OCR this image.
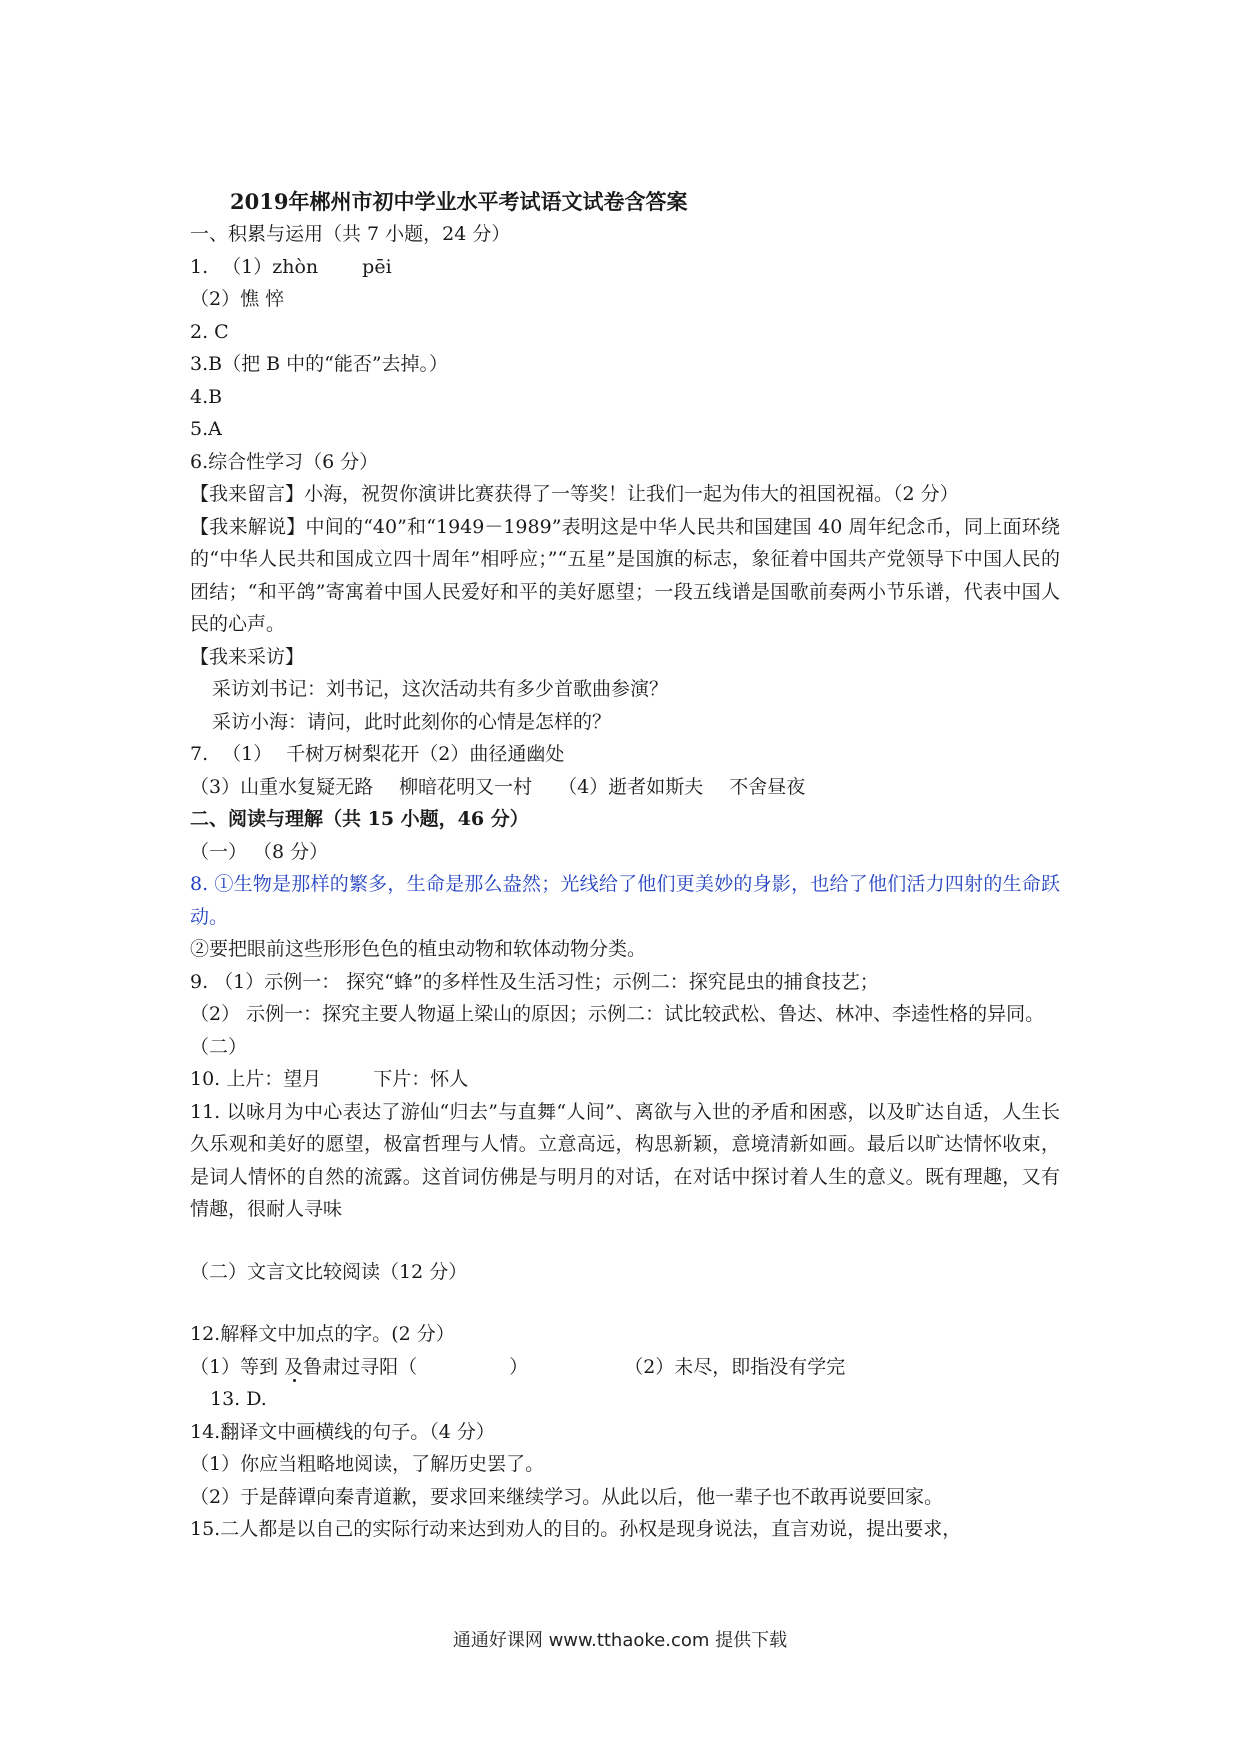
2019年郴州市初中学业水平考试语文试卷含答案

一、积累与运用（共 7 小题，24 分）

1. （1）zhòn pēi

（2）憔 悴

2. C

3.B（把 B 中的“能否”去掉。）

4.B

5.A

6.综合性学习（6 分）

【我来留言】小海，祝贺你演讲比赛获得了一等奖！让我们一起为伟大的祖国祝福。（2 分）

【我来解说】中间的“40”和“1949－1989”表明这是中华人民共和国建国 40 周年纪念币，同上面环绕的“中华人民共和国成立四十周年”相呼应；”“五星”是国旗的标志，象征着中国共产党领导下中国人民的团结；“和平鸽”寄寓着中国人民爱好和平的美好愿望；一段五线谱是国歌前奏两小节乐谱，代表中国人民的心声。

【我来采访】

采访刘书记：刘书记，这次活动共有多少首歌曲参演？

采访小海：请问，此时此刻你的心情是怎样的？

7. （1） 千树万树梨花开（2）曲径通幽处

（3）山重水复疑无路 柳暗花明又一村 （4）逝者如斯夫 不舍昼夜

二、阅读与理解（共 15 小题，46 分）

（一） （8 分）

8. ①生物是那样的繁多，生命是那么盎然；光线给了他们更美妙的身影，也给了他们活力四射的生命跃动。

②要把眼前这些形形色色的植虫动物和软体动物分类。

9. （1）示例一： 探究“蜂”的多样性及生活习性；示例二：探究昆虫的捕食技艺；

（2） 示例一：探究主要人物逼上梁山的原因；示例二：试比较武松、鲁达、林冲、李逵性格的异同。

（二）

10. 上片：望月	下片：怀人

11. 以咏月为中心表达了游仙“归去”与直舞“人间”、离欲与入世的矛盾和困惑，以及旷达自适，人生长久乐观和美好的愿望，极富哲理与人情。立意高远，构思新颖，意境清新如画。最后以旷达情怀收束，是词人情怀的自然的流露。这首词仿佛是与明月的对话，在对话中探讨着人生的意义。既有理趣，又有情趣，很耐人寻味

（二）文言文比较阅读（12 分）

12.解释文中加点的字。(2 分）

（1）等到 及鲁肃过寻阳（	）	（2）未尽，即指没有学完

13. D.

14.翻译文中画横线的句子。（4 分）

（1）你应当粗略地阅读，了解历史罢了。

（2）于是薛谭向秦青道歉，要求回来继续学习。从此以后，他一辈子也不敢再说要回家。

15.二人都是以自己的实际行动来达到劝人的目的。孙权是现身说法，直言劝说，提出要求，

通通好课网 www.tthaoke.com 提供下载
